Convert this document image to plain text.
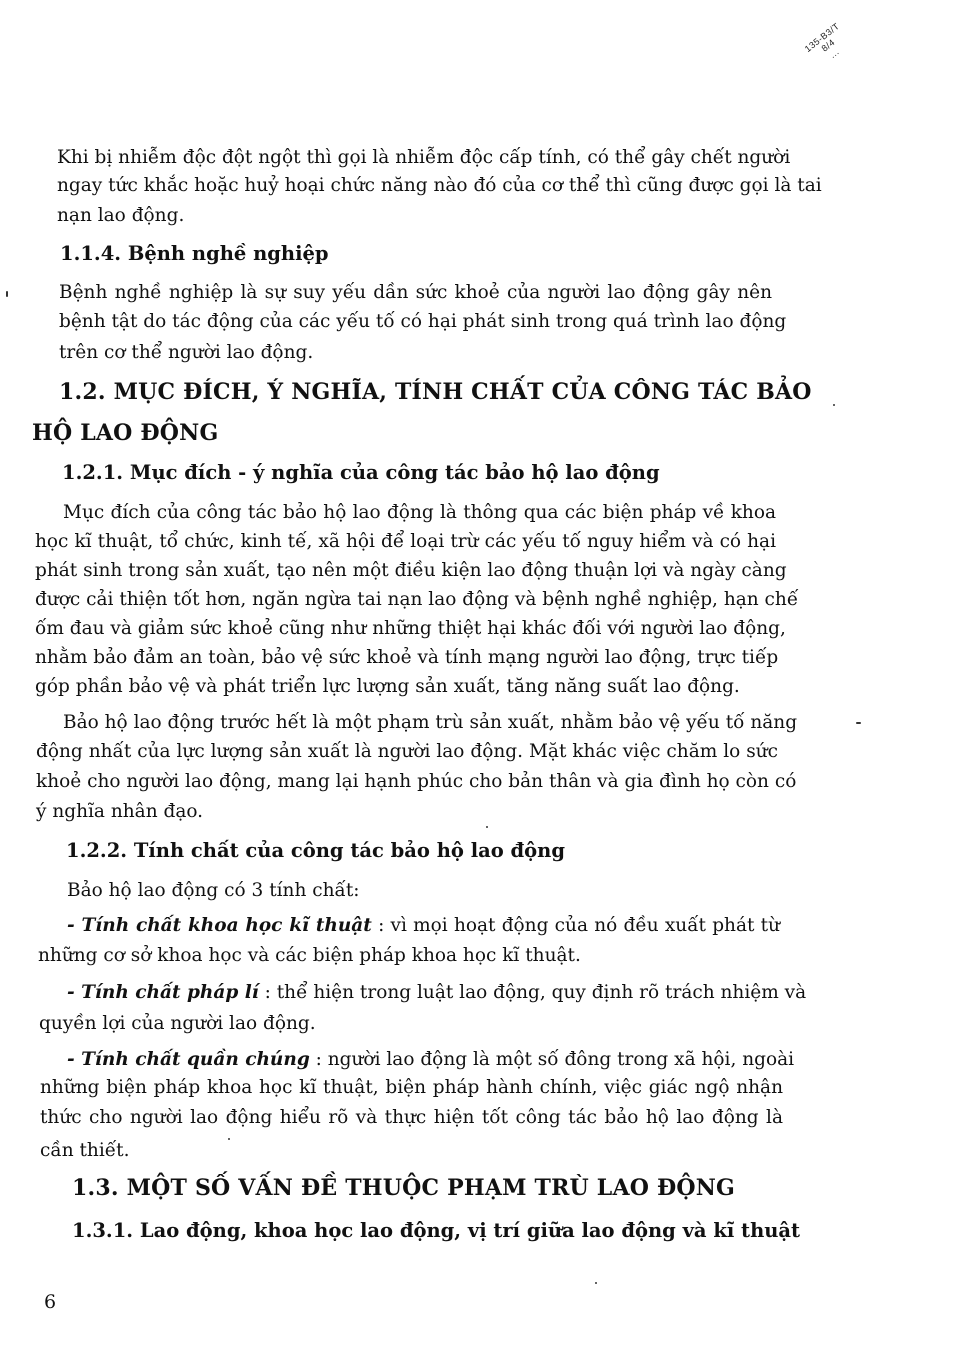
135-B3/T
8/4
...
Khi bị nhiễm độc đột ngột thì gọi là nhiễm độc cấp tính, có thể gây chết người
ngay tức khắc hoặc huỷ hoại chức năng nào đó của cơ thể thì cũng được gọi là tai
nạn lao động.
1.1.4. Bệnh nghề nghiệp
Bệnh nghề nghiệp là sự suy yếu dần sức khoẻ của người lao động gây nên
bệnh tật do tác động của các yếu tố có hại phát sinh trong quá trình lao động
trên cơ thể người lao động.
1.2. MỤC ĐÍCH, Ý NGHĨA, TÍNH CHẤT CỦA CÔNG TÁC BẢO
HỘ LAO ĐỘNG
1.2.1. Mục đích - ý nghĩa của công tác bảo hộ lao động
Mục đích của công tác bảo hộ lao động là thông qua các biện pháp về khoa
học kĩ thuật, tổ chức, kinh tế, xã hội để loại trừ các yếu tố nguy hiểm và có hại
phát sinh trong sản xuất, tạo nên một điều kiện lao động thuận lợi và ngày càng
được cải thiện tốt hơn, ngăn ngừa tai nạn lao động và bệnh nghề nghiệp, hạn chế
ốm đau và giảm sức khoẻ cũng như những thiệt hại khác đối với người lao động,
nhằm bảo đảm an toàn, bảo vệ sức khoẻ và tính mạng người lao động, trực tiếp
góp phần bảo vệ và phát triển lực lượng sản xuất, tăng năng suất lao động.
Bảo hộ lao động trước hết là một phạm trù sản xuất, nhằm bảo vệ yếu tố năng
động nhất của lực lượng sản xuất là người lao động. Mặt khác việc chăm lo sức
khoẻ cho người lao động, mang lại hạnh phúc cho bản thân và gia đình họ còn có
ý nghĩa nhân đạo.
1.2.2. Tính chất của công tác bảo hộ lao động
Bảo hộ lao động có 3 tính chất:
- Tính chất khoa học kĩ thuật : vì mọi hoạt động của nó đều xuất phát từ
những cơ sở khoa học và các biện pháp khoa học kĩ thuật.
- Tính chất pháp lí : thể hiện trong luật lao động, quy định rõ trách nhiệm và
quyền lợi của người lao động.
- Tính chất quần chúng : người lao động là một số đông trong xã hội, ngoài
những biện pháp khoa học kĩ thuật, biện pháp hành chính, việc giác ngộ nhận
thức cho người lao động hiểu rõ và thực hiện tốt công tác bảo hộ lao động là
cần thiết.
1.3. MỘT SỐ VẤN ĐỀ THUỘC PHẠM TRÙ LAO ĐỘNG
1.3.1. Lao động, khoa học lao động, vị trí giữa lao động và kĩ thuật
6
